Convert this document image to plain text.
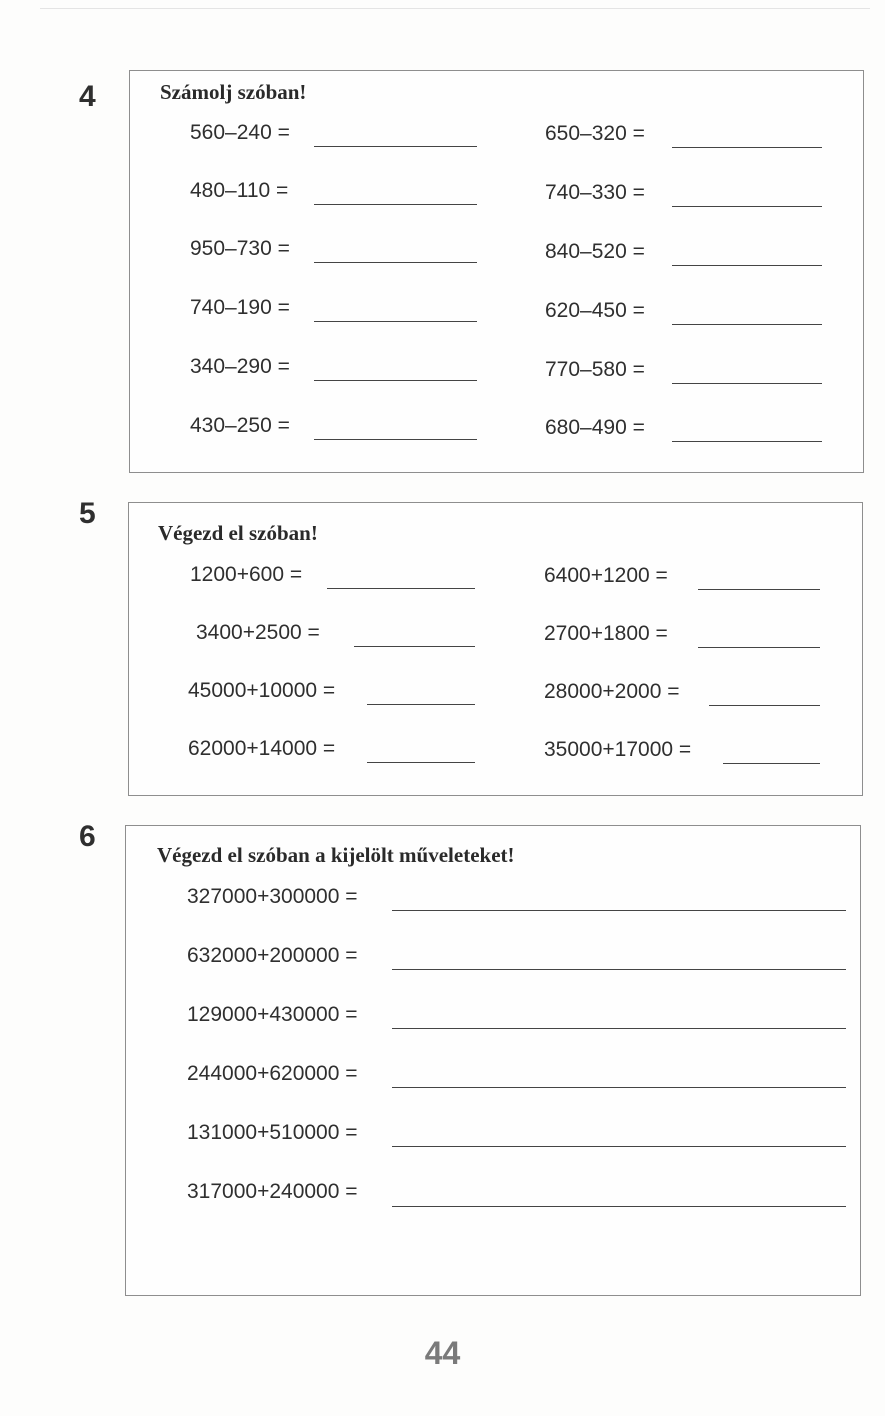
4	Számolj szóban!
560–240 =	650–320 =
480–110 =	740–330 =
950–730 =	840–520 =
740–190 =	620–450 =
340–290 =	770–580 =
430–250 =	680–490 =
5
Végezd el szóban!
1200+600 =	6400+1200 =
3400+2500 =	2700+1800 =
45000+10000 =	28000+2000 =
62000+14000 =	35000+17000 =
6
Végezd el szóban a kijelölt műveleteket!
327000+300000 =
632000+200000 =
129000+430000 =
244000+620000 =
131000+510000 =
317000+240000 =
44
